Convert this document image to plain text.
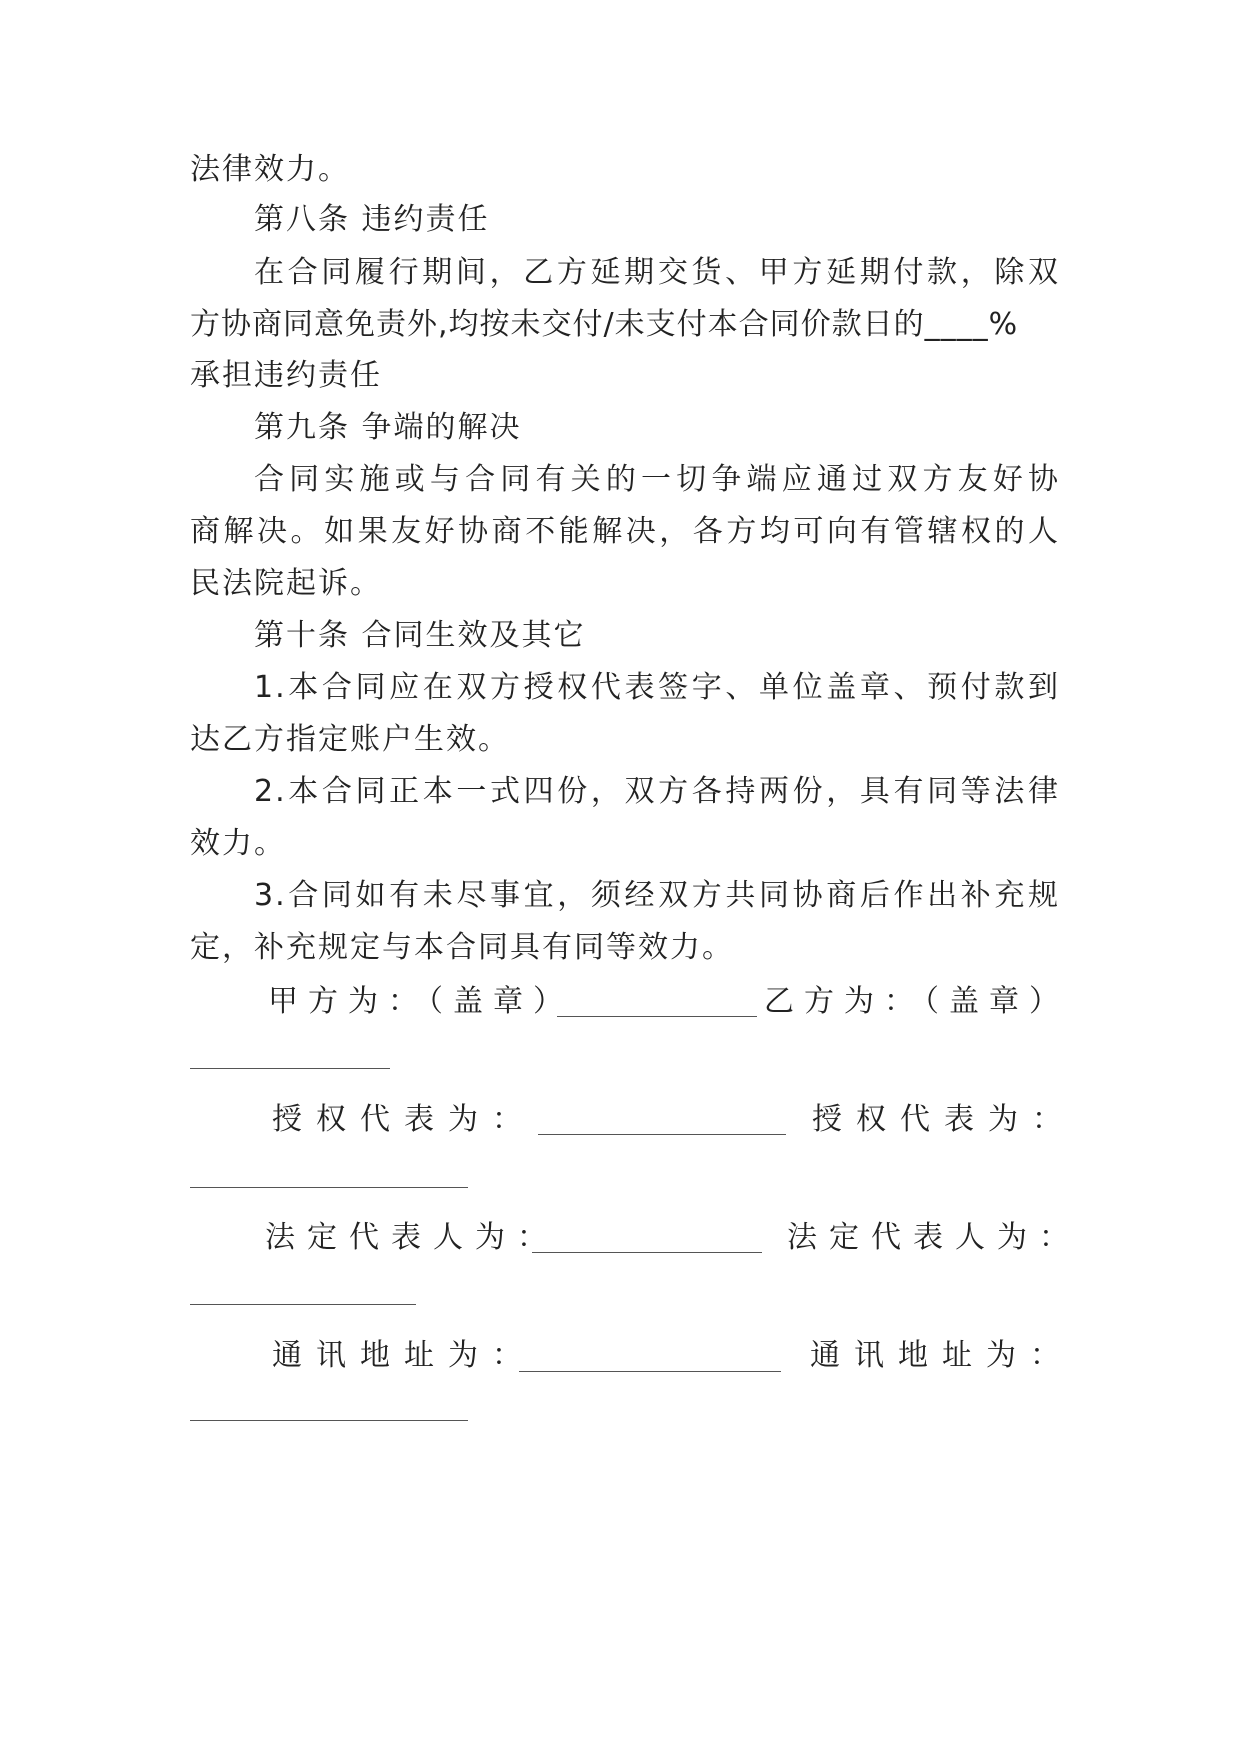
法律效力。
第八条 违约责任
在合同履行期间，乙方延期交货、甲方延期付款，除双
方协商同意免责外,均按未交付/未支付本合同价款日的____%
承担违约责任
第九条 争端的解决
合同实施或与合同有关的一切争端应通过双方友好协
商解决。如果友好协商不能解决，各方均可向有管辖权的人
民法院起诉。
第十条 合同生效及其它
1.本合同应在双方授权代表签字、单位盖章、预付款到
达乙方指定账户生效。
2.本合同正本一式四份，双方各持两份，具有同等法律
效力。
3.合同如有未尽事宜，须经双方共同协商后作出补充规
定，补充规定与本合同具有同等效力。
甲方为：（盖章）	乙方为：（盖章）
授权代表为：	授权代表为：
法定代表人为：	法定代表人为：
通讯地址为：	通讯地址为：
